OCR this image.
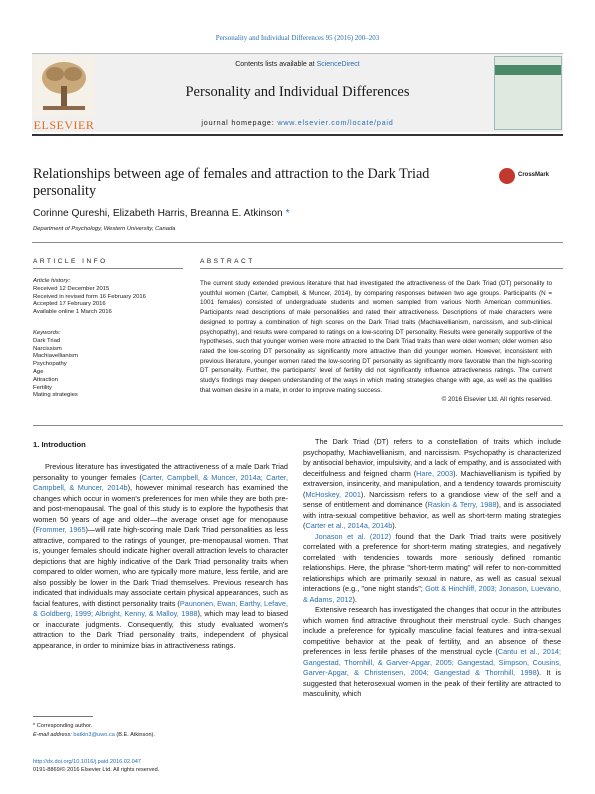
Personality and Individual Differences 95 (2016) 200–203
ELSEVIER
Contents lists available at ScienceDirect
Personality and Individual Differences
journal homepage: www.elsevier.com/locate/paid
Relationships between age of females and attraction to the Dark Triad personality
CrossMark
Corinne Qureshi, Elizabeth Harris, Breanna E. Atkinson *
Department of Psychology, Western University, Canada
ARTICLE INFO	ABSTRACT
Article history:
Received 12 December 2015
Received in revised form 16 February 2016
Accepted 17 February 2016
Available online 1 March 2016
Keywords:
Dark Triad
Narcissism
Machiavellianism
Psychopathy
Age
Attraction
Fertility
Mating strategies
The current study extended previous literature that had investigated the attractiveness of the Dark Triad (DT) personality to youthful women (Carter, Campbell, & Muncer, 2014), by comparing responses between two age groups. Participants (N = 1001 females) consisted of undergraduate students and women sampled from various North American communities. Participants read descriptions of male personalities and rated their attractiveness. Descriptions of male characters were designed to portray a combination of high scores on the Dark Triad traits (Machiavellianism, narcissism, and sub-clinical psychopathy), and results were compared to ratings on a low-scoring DT personality. Results were generally supportive of the hypotheses, such that younger women were more attracted to the Dark Triad traits than were older women; older women also rated the low-scoring DT personality as significantly more attractive than did younger women. However, inconsistent with previous literature, younger women rated the low-scoring DT personality as significantly more favorable than the high-scoring DT personality. Further, the participants' level of fertility did not significantly influence attractiveness ratings. The current study's findings may deepen understanding of the ways in which mating strategies change with age, as well as the qualities that women desire in a mate, in order to improve mating success.
© 2016 Elsevier Ltd. All rights reserved.
1. Introduction

Previous literature has investigated the attractiveness of a male Dark Triad personality to younger females (Carter, Campbell, & Muncer, 2014a; Carter, Campbell, & Muncer, 2014b), however minimal research has examined the changes which occur in women's preferences for men while they are both pre- and post-menopausal. The goal of this study is to explore the hypothesis that women 50 years of age and older—the average onset age for menopause (Frommer, 1965)—will rate high-scoring male Dark Triad personalities as less attractive, compared to the ratings of younger, pre-menopausal women. That is, younger females should indicate higher overall attraction levels to character depictions that are highly indicative of the Dark Triad personality traits when compared to older women, who are typically more mature, less fertile, and are also possibly be lower in the Dark Triad themselves. Previous research has indicated that individuals may associate certain physical appearances, such as facial features, with distinct personality traits (Paunonen, Ewan, Earthy, Lefave, & Goldberg, 1999; Albright, Kenny, & Malloy, 1988), which may lead to biased or inaccurate judgments. Consequently, this study evaluated women's attraction to the Dark Triad personality traits, independent of physical appearance, in order to minimize bias in attractiveness ratings.

The Dark Triad (DT) refers to a constellation of traits which include psychopathy, Machiavellianism, and narcissism. Psychopathy is characterized by antisocial behavior, impulsivity, and a lack of empathy, and is associated with deceitfulness and feigned charm (Hare, 2003). Machiavellianism is typified by extraversion, insincerity, and manipulation, and a tendency towards promiscuity (McHoskey, 2001). Narcissism refers to a grandiose view of the self and a sense of entitlement and dominance (Raskin & Terry, 1988), and is associated with intra-sexual competitive behavior, as well as short-term mating strategies (Carter et al., 2014a, 2014b).

Jonason et al. (2012) found that the Dark Triad traits were positively correlated with a preference for short-term mating strategies, and negatively correlated with tendencies towards more seriously defined romantic relationships. Here, the phrase "short-term mating" will refer to non-committed relationships which are primarily sexual in nature, as well as casual sexual interactions (e.g., "one night stands"; Gott & Hinchliff, 2003; Jonason, Luevano, & Adams, 2012).

Extensive research has investigated the changes that occur in the attributes which women find attractive throughout their menstrual cycle. Such changes include a preference for typically masculine facial features and intra-sexual competitive behavior at the peak of fertility, and an absence of these preferences in less fertile phases of the menstrual cycle (Cantu et al., 2014; Gangestad, Thornhill, & Garver-Apgar, 2005; Gangestad, Simpson, Cousins, Garver-Apgar, & Christensen, 2004; Gangestad & Thornhill, 1998). It is suggested that heterosexual women in the peak of their fertility are attracted to masculinity, which

* Corresponding author.
E-mail address: batkin3@uwo.ca (B.E. Atkinson).
http://dx.doi.org/10.1016/j.paid.2016.02.047
0191-8869/© 2016 Elsevier Ltd. All rights reserved.
